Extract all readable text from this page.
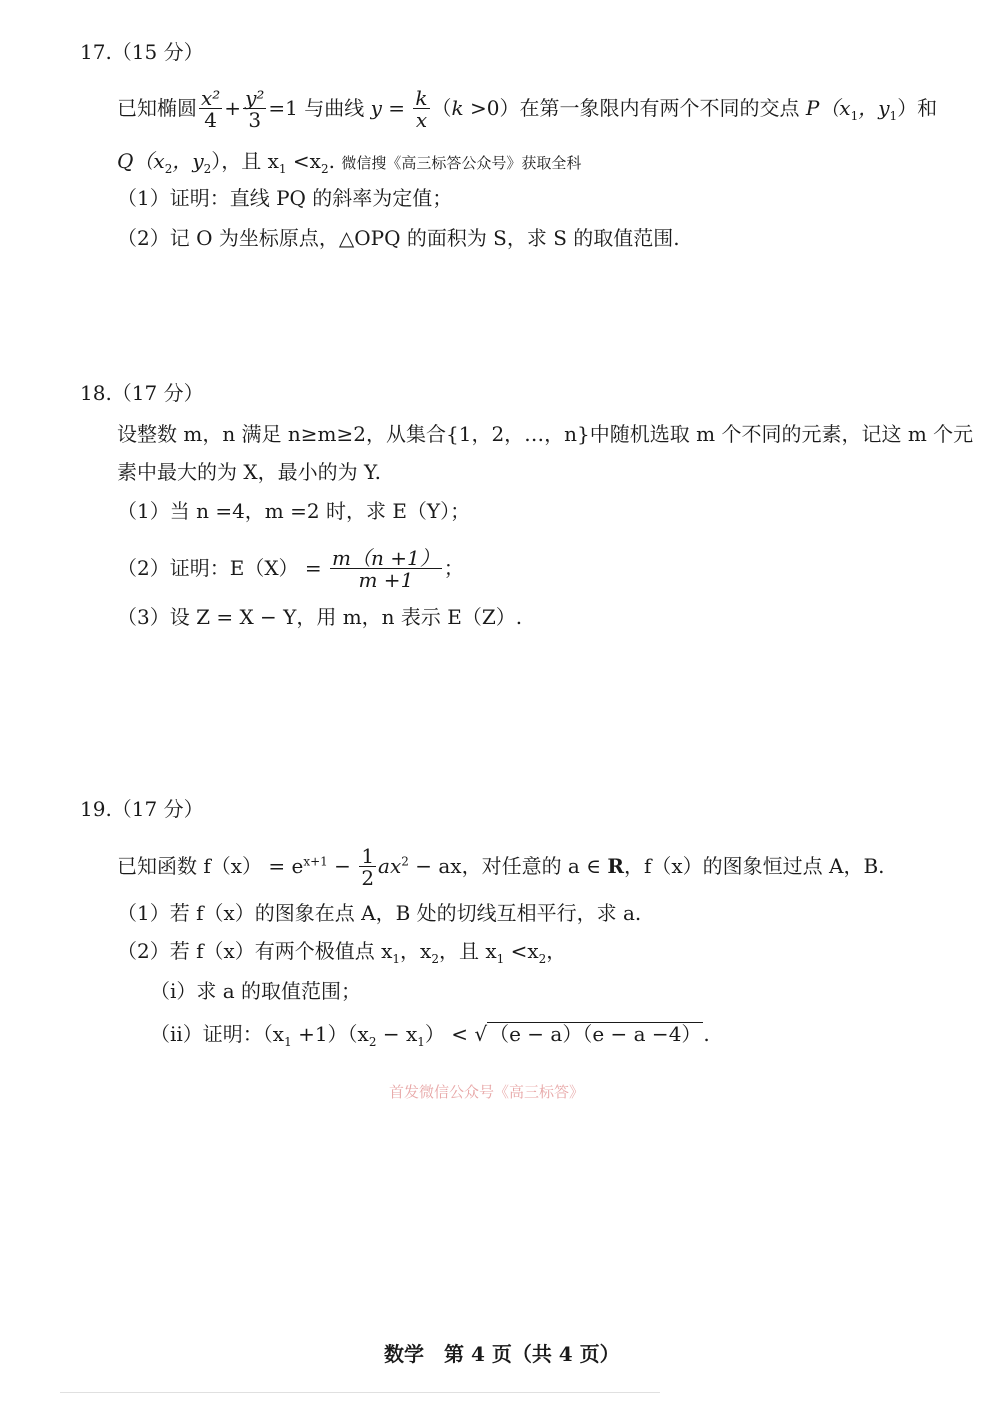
17.（15 分）
已知椭圆 $\frac{\text{x²}}{4} + \frac{\text{y²}}{3} =1$ 与曲线 $y = \frac{k}{x} (k >0)$在第一象限内有两个不同的交点 $P(x_1$，$y_1$）和
$Q(x_2$，$y_2$），且 $x_1 <x_2$. 微信搜《高三标答公众号》获取全科
（1）证明：直线 PQ 的斜率为定值；
（2）记 O 为坐标原点，△OPQ 的面积为 S，求 S 的取值范围.
18.（17 分）
设整数 m，n 满足 n≥m≥2，从集合{1，2，…，n}中随机选取 m 个不同的元素，记这 m 个元
素中最大的为 X，最小的为 Y.
（1）当 n =4，m =2 时，求 E（Y）；
（2）证明：$E(X) = \frac{m(n +1)}{m +1}$ ；
（3）设 Z = X − Y，用 m，n 表示 E（Z）.
19.（17 分）
已知函数 $f(x) = e^{x+1} - \frac{1}{2} ax^2$ − ax，对任意的 a ∈ R，f（x）的图象恒过点 A，B.
（1）若 f（x）的图象在点 A，B 处的切线互相平行，求 a.
（2）若 f（x）有两个极值点 $x_1$，$x_2$，且 $x_1 <x_2$，
（ⅰ）求 a 的取值范围；
（ⅱ）证明：$(x_1 +1)(x_2 - x_1)$ < √ （e − a）（e − a −4） .
首发微信公众号《高三标答》
数学　第 4 页（共 4 页）
